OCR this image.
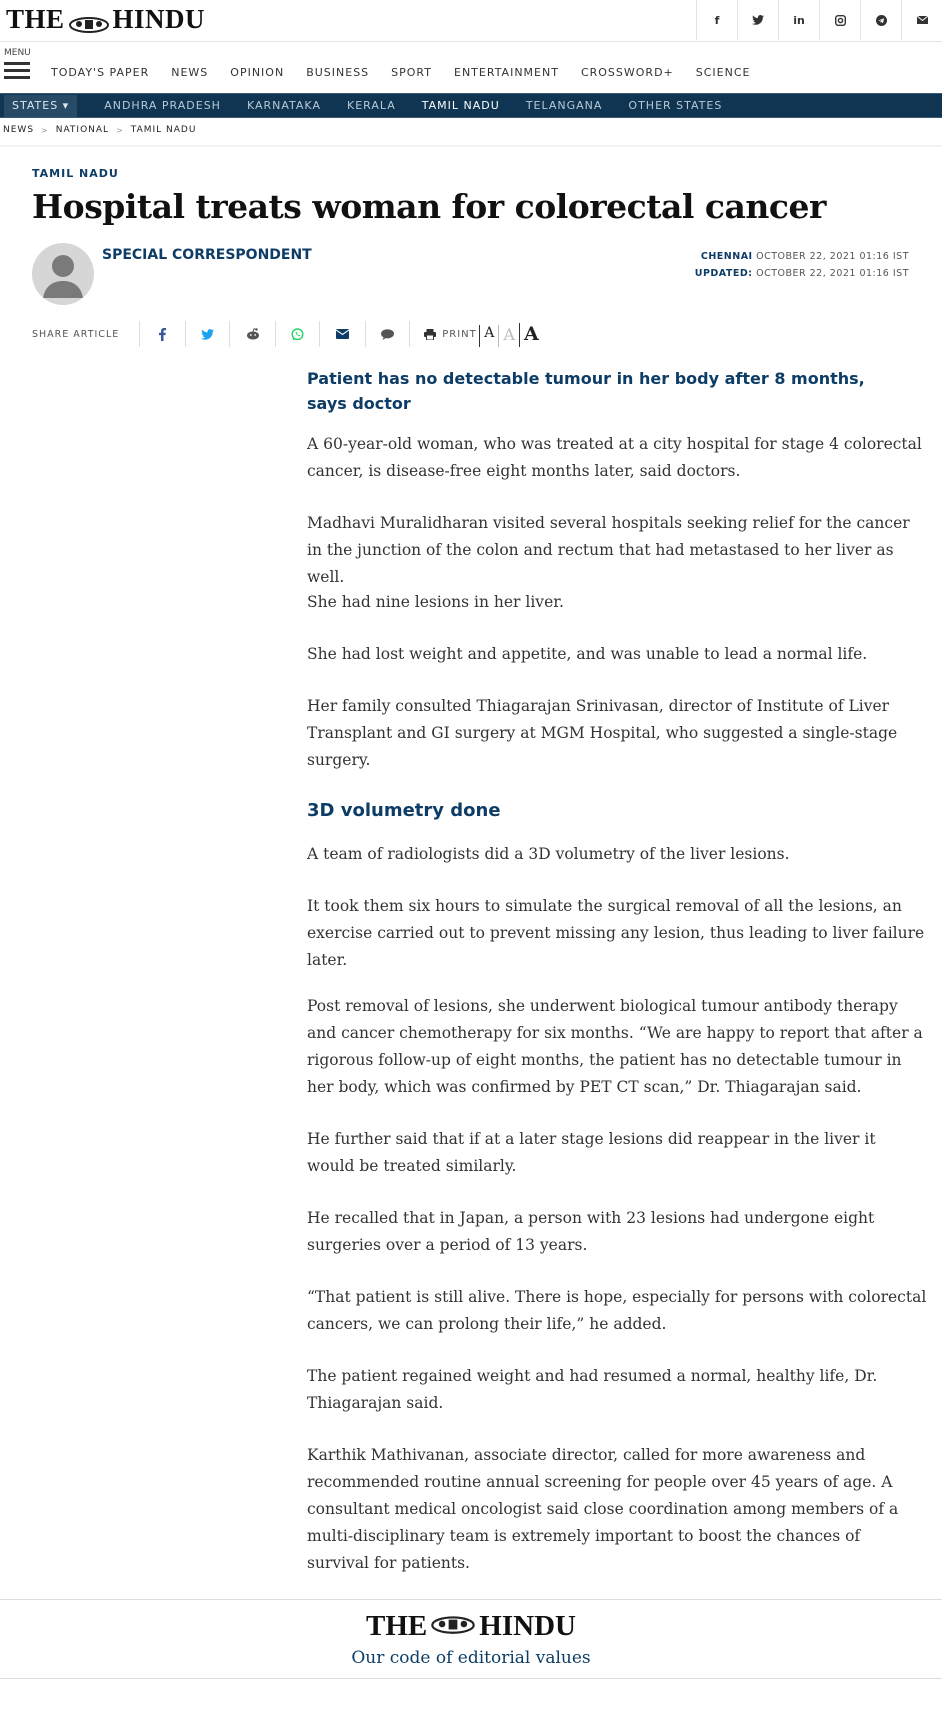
THE HINDU	f	in
MENU
TODAY'S PAPER NEWS OPINION BUSINESS SPORT ENTERTAINMENT CROSSWORD+ SCIENCE
STATES ▾	ANDHRA PRADESH KARNATAKA KERALA TAMIL NADU TELANGANA OTHER STATES
NEWS > NATIONAL > TAMIL NADU
TAMIL NADU
Hospital treats woman for colorectal cancer
SPECIAL CORRESPONDENT	CHENNAI OCTOBER 22, 2021 01:16 IST
UPDATED: OCTOBER 22, 2021 01:16 IST
SHARE ARTICLE	PRINT A A A
Patient has no detectable tumour in her body after 8 months, says doctor

A 60-year-old woman, who was treated at a city hospital for stage 4 colorectal cancer, is disease-free eight months later, said doctors.

Madhavi Muralidharan visited several hospitals seeking relief for the cancer in the junction of the colon and rectum that had metastased to her liver as well.

She had nine lesions in her liver.

She had lost weight and appetite, and was unable to lead a normal life.

Her family consulted Thiagarajan Srinivasan, director of Institute of Liver Transplant and GI surgery at MGM Hospital, who suggested a single-stage surgery.

3D volumetry done

A team of radiologists did a 3D volumetry of the liver lesions.

It took them six hours to simulate the surgical removal of all the lesions, an exercise carried out to prevent missing any lesion, thus leading to liver failure later.

Post removal of lesions, she underwent biological tumour antibody therapy and cancer chemotherapy for six months. “We are happy to report that after a rigorous follow-up of eight months, the patient has no detectable tumour in her body, which was confirmed by PET CT scan,” Dr. Thiagarajan said.

He further said that if at a later stage lesions did reappear in the liver it would be treated similarly.

He recalled that in Japan, a person with 23 lesions had undergone eight surgeries over a period of 13 years.

“That patient is still alive. There is hope, especially for persons with colorectal cancers, we can prolong their life,” he added.

The patient regained weight and had resumed a normal, healthy life, Dr. Thiagarajan said.

Karthik Mathivanan, associate director, called for more awareness and recommended routine annual screening for people over 45 years of age. A consultant medical oncologist said close coordination among members of a multi-disciplinary team is extremely important to boost the chances of survival for patients.

THE HINDU
Our code of editorial values
